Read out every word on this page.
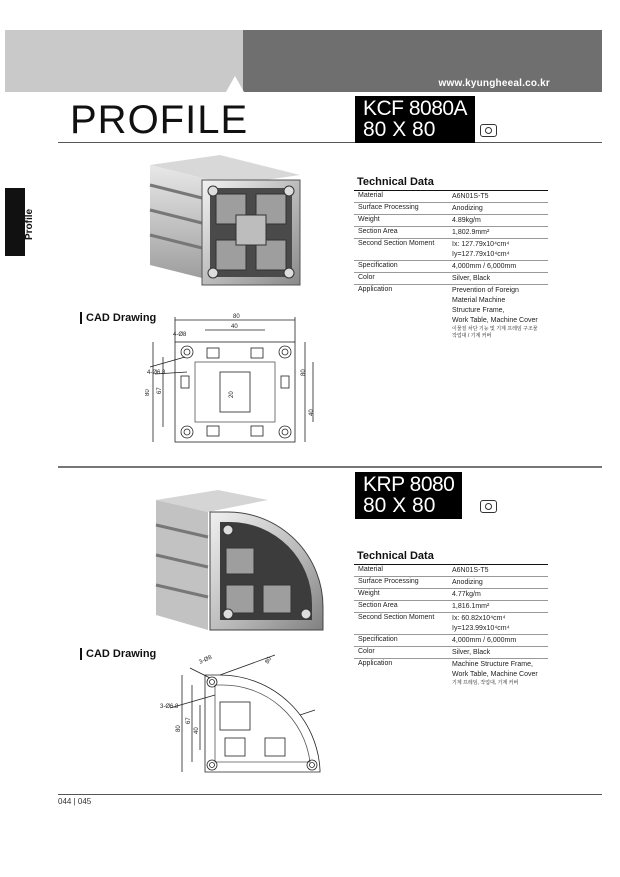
www.kyungheeal.co.kr
PROFILE
Profile
KCF 8080A
80 X 80
Technical Data
Material	A6N01S-T5
Surface Processing	Anodizing
Weight	4.89kg/m
Section Area	1,802.9mm²
Second Section Moment	Ix: 127.79x10⁴cm⁴
Iy=127.79x10⁴cm⁴
Specification	4,000mm / 6,000mm
Color	Silver, Black
Application	Prevention of Foreign
Material Machine
Structure Frame,
Work Table, Machine Cover
이물질 차단 기능 및 기계 프레임 구조물
작업대 / 기계 커버
CAD Drawing	80
40
4-Ø8
4-Ø6.8
80 67
80
40
20
KRP 8080
80 X 80
Technical Data
Material	A6N01S-T5
Surface Processing	Anodizing
Weight	4.77kg/m
Section Area	1,816.1mm²
Second Section Moment	Ix: 60.82x10⁴cm⁴
Iy=123.99x10⁴cm⁴
Specification	4,000mm / 6,000mm
Color	Silver, Black
Application	Machine Structure Frame,
Work Table, Machine Cover
기계 프레임, 작업대, 기계 커버
CAD Drawing
3-Ø8
3-Ø6.8
80
80
67
40
044 | 045
